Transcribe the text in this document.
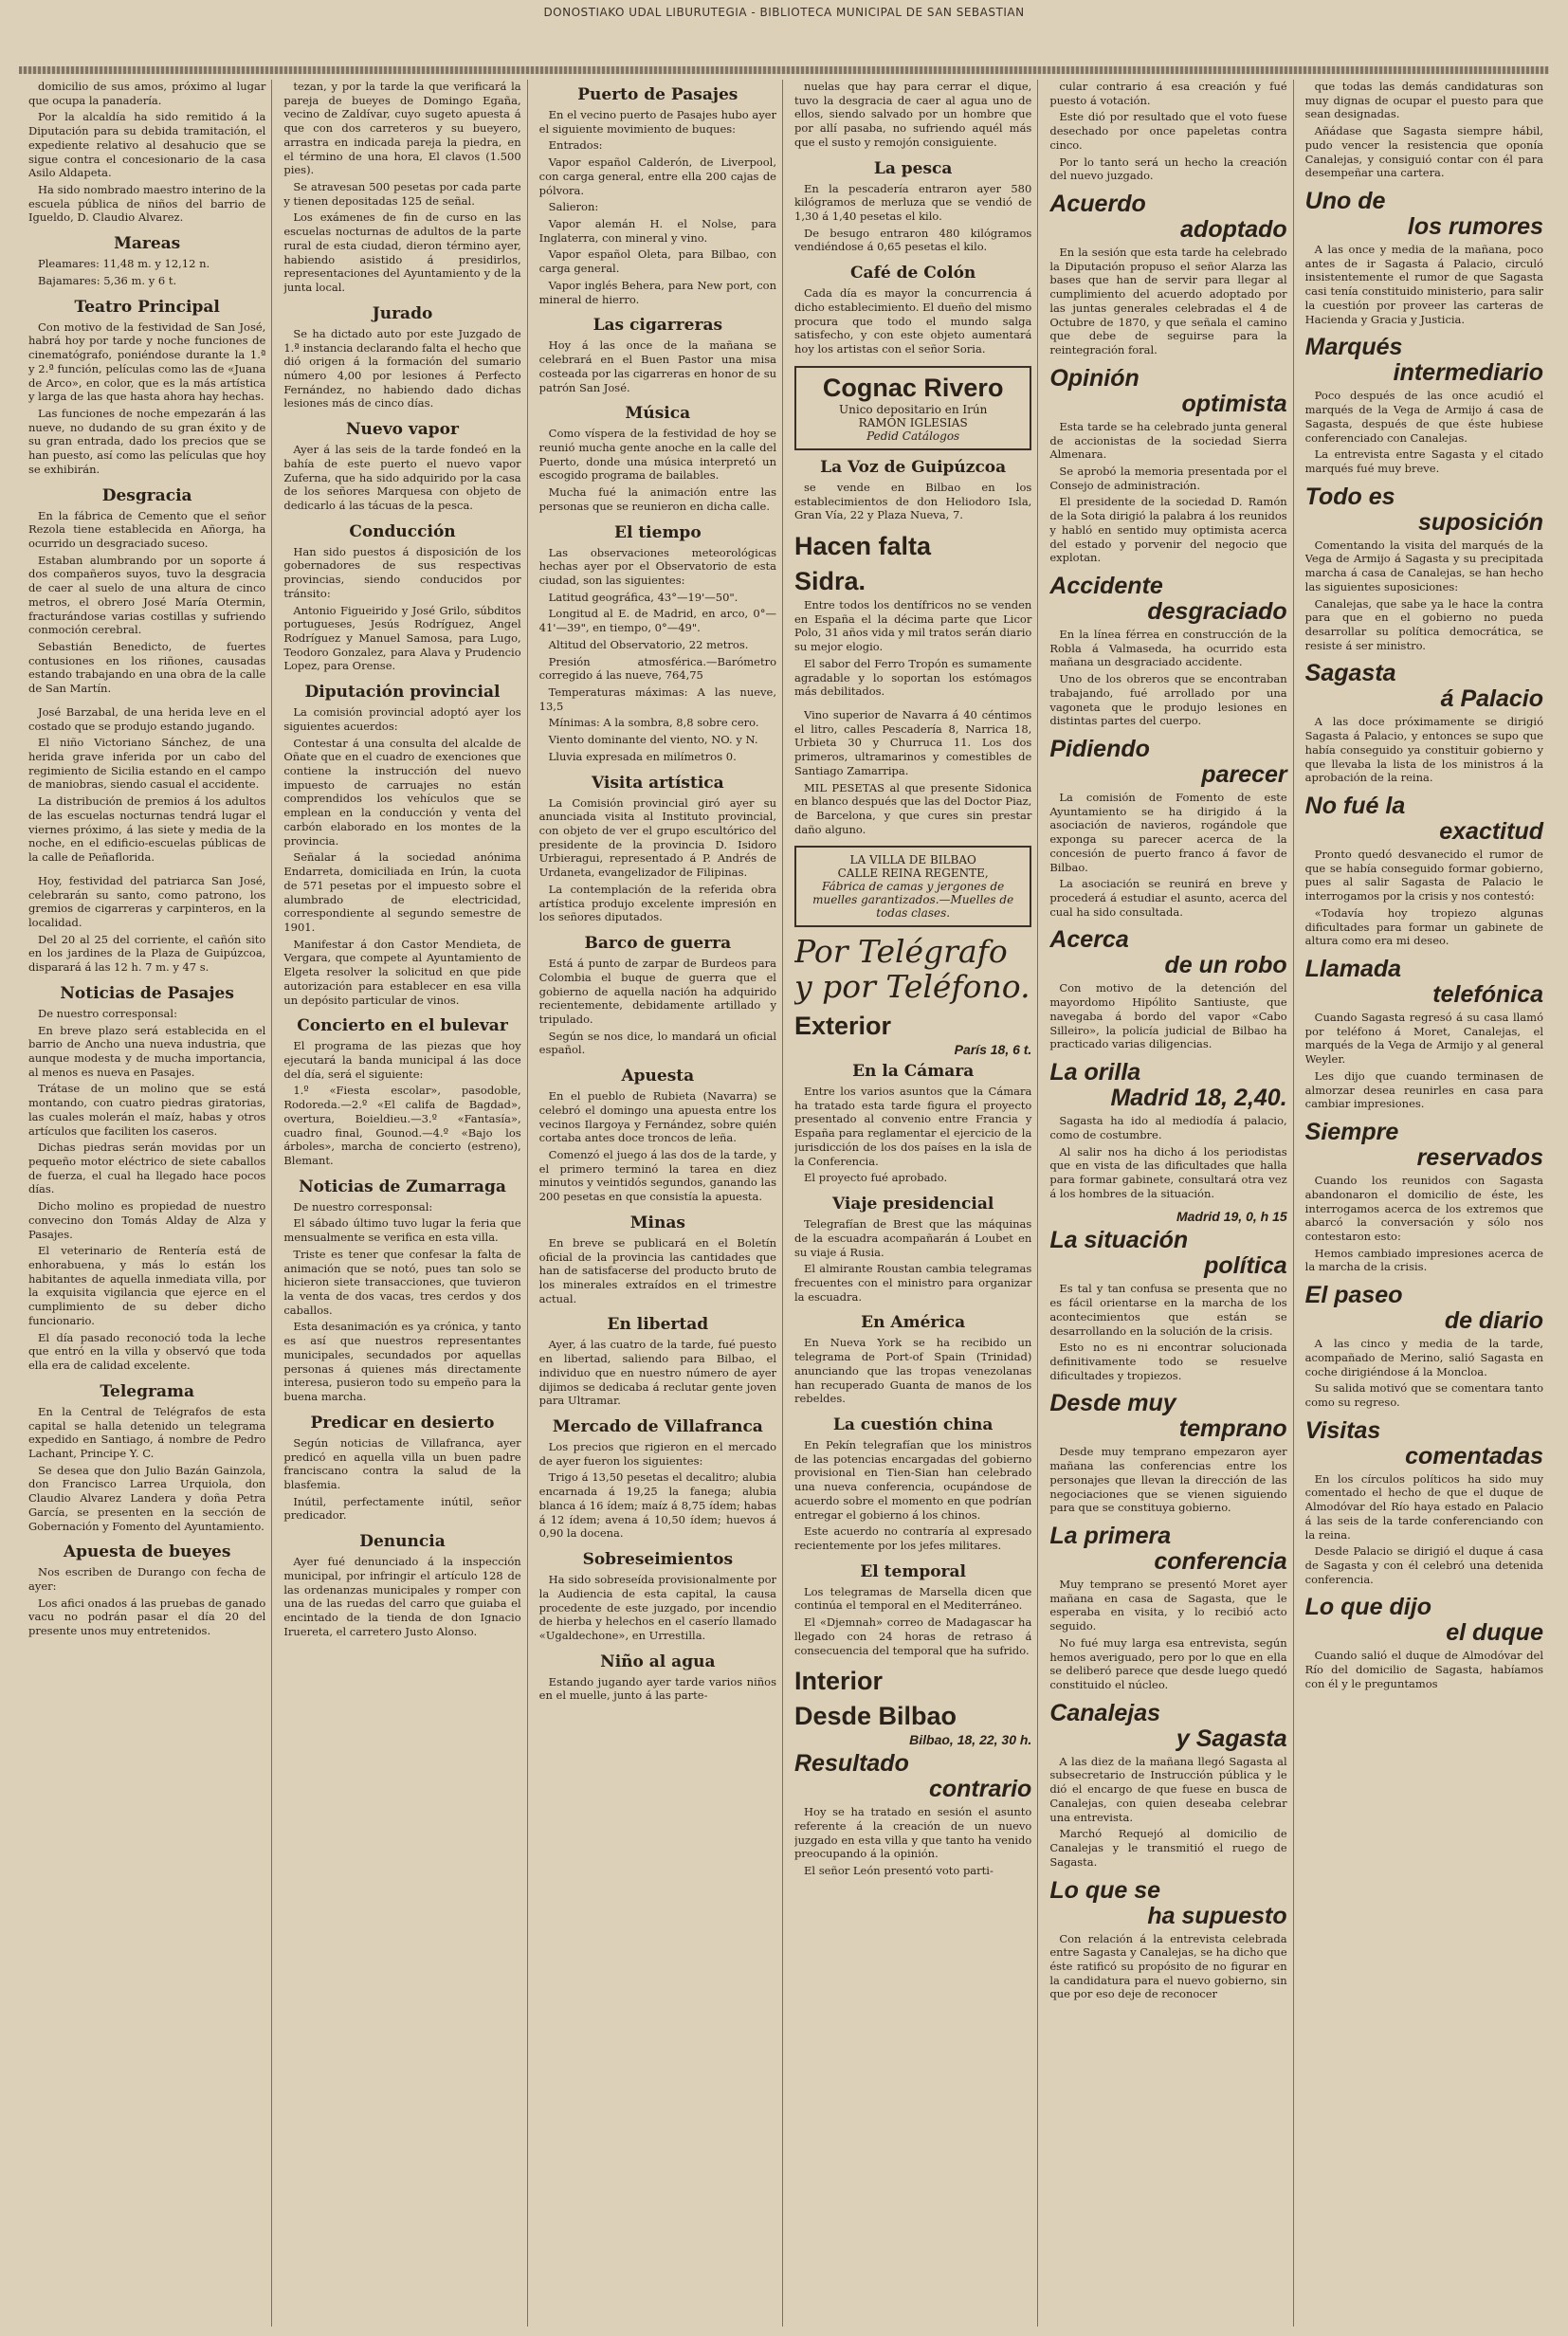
DONOSTIAKO UDAL LIBURUTEGIA - BIBLIOTECA MUNICIPAL DE SAN SEBASTIAN

domicilio de sus amos, próximo al lugar que ocupa la panadería.

Por la alcaldía ha sido remitido á la Diputación para su debida tramitación, el expediente relativo al desahucio que se sigue contra el concesionario de la casa Asilo Aldapeta.

Ha sido nombrado maestro interino de la escuela pública de niños del barrio de Igueldo, D. Claudio Alvarez.

Mareas

Pleamares: 11,48 m. y 12,12 n.

Bajamares: 5,36 m. y 6 t.

Teatro Principal

Con motivo de la festividad de San José, habrá hoy por tarde y noche funciones de cinematógrafo, poniéndose durante la 1.ª y 2.ª función, películas como las de «Juana de Arco», en color, que es la más artística y larga de las que hasta ahora hay hechas.

Las funciones de noche empezarán á las nueve, no dudando de su gran éxito y de su gran entrada, dado los precios que se han puesto, así como las películas que hoy se exhibirán.

Desgracia

En la fábrica de Cemento que el señor Rezola tiene establecida en Añorga, ha ocurrido un desgraciado suceso.

Estaban alumbrando por un soporte á dos compañeros suyos, tuvo la desgracia de caer al suelo de una altura de cinco metros, el obrero José María Otermin, fracturándose varias costillas y sufriendo conmoción cerebral.

Sebastián Benedicto, de fuertes contusiones en los riñones, causadas estando trabajando en una obra de la calle de San Martín.

José Barzabal, de una herida leve en el costado que se produjo estando jugando.

El niño Victoriano Sánchez, de una herida grave inferida por un cabo del regimiento de Sicilia estando en el campo de maniobras, siendo casual el accidente.

La distribución de premios á los adultos de las escuelas nocturnas tendrá lugar el viernes próximo, á las siete y media de la noche, en el edificio-escuelas públicas de la calle de Peñaflorida.

Hoy, festividad del patriarca San José, celebrarán su santo, como patrono, los gremios de cigarreras y carpinteros, en la localidad.

Del 20 al 25 del corriente, el cañón sito en los jardines de la Plaza de Guipúzcoa, disparará á las 12 h. 7 m. y 47 s.

Noticias de Pasajes

De nuestro corresponsal:

En breve plazo será establecida en el barrio de Ancho una nueva industria, que aunque modesta y de mucha importancia, al menos es nueva en Pasajes.

Trátase de un molino que se está montando, con cuatro piedras giratorias, las cuales molerán el maíz, habas y otros artículos que faciliten los caseros.

Dichas piedras serán movidas por un pequeño motor eléctrico de siete caballos de fuerza, el cual ha llegado hace pocos días.

Dicho molino es propiedad de nuestro convecino don Tomás Alday de Alza y Pasajes.

El veterinario de Rentería está de enhorabuena, y más lo están los habitantes de aquella inmediata villa, por la exquisita vigilancia que ejerce en el cumplimiento de su deber dicho funcionario.

El día pasado reconoció toda la leche que entró en la villa y observó que toda ella era de calidad excelente.

Telegrama

En la Central de Telégrafos de esta capital se halla detenido un telegrama expedido en Santiago, á nombre de Pedro Lachant, Principe Y. C.

Se desea que don Julio Bazán Gainzola, don Francisco Larrea Urquiola, don Claudio Alvarez Landera y doña Petra García, se presenten en la sección de Gobernación y Fomento del Ayuntamiento.

Apuesta de bueyes

Nos escriben de Durango con fecha de ayer:

Los afici onados á las pruebas de ganado vacu no podrán pasar el día 20 del presente unos muy entretenidos.

tezan, y por la tarde la que verificará la pareja de bueyes de Domingo Egaña, vecino de Zaldívar, cuyo sugeto apuesta á que con dos carreteros y su bueyero, arrastra en indicada pareja la piedra, en el término de una hora, El clavos (1.500 pies).

Se atravesan 500 pesetas por cada parte y tienen depositadas 125 de señal.

Los exámenes de fin de curso en las escuelas nocturnas de adultos de la parte rural de esta ciudad, dieron término ayer, habiendo asistido á presidirlos, representaciones del Ayuntamiento y de la junta local.

Jurado

Se ha dictado auto por este Juzgado de 1.ª instancia declarando falta el hecho que dió origen á la formación del sumario número 4,00 por lesiones á Perfecto Fernández, no habiendo dado dichas lesiones más de cinco días.

Nuevo vapor

Ayer á las seis de la tarde fondeó en la bahía de este puerto el nuevo vapor Zuferna, que ha sido adquirido por la casa de los señores Marquesa con objeto de dedicarlo á las tácuas de la pesca.

Conducción

Han sido puestos á disposición de los gobernadores de sus respectivas provincias, siendo conducidos por tránsito:

Antonio Figueirido y José Grilo, súbditos portugueses, Jesús Rodríguez, Angel Rodríguez y Manuel Samosa, para Lugo, Teodoro Gonzalez, para Alava y Prudencio Lopez, para Orense.

Diputación provincial

La comisión provincial adoptó ayer los siguientes acuerdos:

Contestar á una consulta del alcalde de Oñate que en el cuadro de exenciones que contiene la instrucción del nuevo impuesto de carruajes no están comprendidos los vehículos que se emplean en la conducción y venta del carbón elaborado en los montes de la provincia.

Señalar á la sociedad anónima Endarreta, domiciliada en Irún, la cuota de 571 pesetas por el impuesto sobre el alumbrado de electricidad, correspondiente al segundo semestre de 1901.

Manifestar á don Castor Mendieta, de Vergara, que compete al Ayuntamiento de Elgeta resolver la solicitud en que pide autorización para establecer en esa villa un depósito particular de vinos.

Concierto en el bulevar

El programa de las piezas que hoy ejecutará la banda municipal á las doce del día, será el siguiente:

1.º «Fiesta escolar», pasodoble, Rodoreda.—2.º «El califa de Bagdad», overtura, Boieldieu.—3.º «Fantasía», cuadro final, Gounod.—4.º «Bajo los árboles», marcha de concierto (estreno), Blemant.

Noticias de Zumarraga

De nuestro corresponsal:

El sábado último tuvo lugar la feria que mensualmente se verifica en esta villa.

Triste es tener que confesar la falta de animación que se notó, pues tan solo se hicieron siete transacciones, que tuvieron la venta de dos vacas, tres cerdos y dos caballos.

Esta desanimación es ya crónica, y tanto es así que nuestros representantes municipales, secundados por aquellas personas á quienes más directamente interesa, pusieron todo su empeño para la buena marcha.

Predicar en desierto

Según noticias de Villafranca, ayer predicó en aquella villa un buen padre franciscano contra la salud de la blasfemia.

Inútil, perfectamente inútil, señor predicador.

Denuncia

Ayer fué denunciado á la inspección municipal, por infringir el artículo 128 de las ordenanzas municipales y romper con una de las ruedas del carro que guiaba el encintado de la tienda de don Ignacio Iruereta, el carretero Justo Alonso.

Puerto de Pasajes

En el vecino puerto de Pasajes hubo ayer el siguiente movimiento de buques:

Entrados:

Vapor español Calderón, de Liverpool, con carga general, entre ella 200 cajas de pólvora.

Salieron:

Vapor alemán H. el Nolse, para Inglaterra, con mineral y vino.

Vapor español Oleta, para Bilbao, con carga general.

Vapor inglés Behera, para New port, con mineral de hierro.

Las cigarreras

Hoy á las once de la mañana se celebrará en el Buen Pastor una misa costeada por las cigarreras en honor de su patrón San José.

Música

Como víspera de la festividad de hoy se reunió mucha gente anoche en la calle del Puerto, donde una música interpretó un escogido programa de bailables.

Mucha fué la animación entre las personas que se reunieron en dicha calle.

El tiempo

Las observaciones meteorológicas hechas ayer por el Observatorio de esta ciudad, son las siguientes:

Latitud geográfica, 43°—19'—50".

Longitud al E. de Madrid, en arco, 0°—41'—39", en tiempo, 0°—49".

Altitud del Observatorio, 22 metros.

Presión atmosférica.—Barómetro corregido á las nueve, 764,75

Temperaturas máximas: A las nueve, 13,5

Mínimas: A la sombra, 8,8 sobre cero.

Viento dominante del viento, NO. y N.

Lluvia expresada en milímetros 0.

Visita artística

La Comisión provincial giró ayer su anunciada visita al Instituto provincial, con objeto de ver el grupo escultórico del presidente de la provincia D. Isidoro Urbieragui, representado á P. Andrés de Urdaneta, evangelizador de Filipinas.

La contemplación de la referida obra artística produjo excelente impresión en los señores diputados.

Barco de guerra

Está á punto de zarpar de Burdeos para Colombia el buque de guerra que el gobierno de aquella nación ha adquirido recientemente, debidamente artillado y tripulado.

Según se nos dice, lo mandará un oficial español.

Apuesta

En el pueblo de Rubieta (Navarra) se celebró el domingo una apuesta entre los vecinos Ilargoya y Fernández, sobre quién cortaba antes doce troncos de leña.

Comenzó el juego á las dos de la tarde, y el primero terminó la tarea en diez minutos y veintidós segundos, ganando las 200 pesetas en que consistía la apuesta.

Minas

En breve se publicará en el Boletín oficial de la provincia las cantidades que han de satisfacerse del producto bruto de los minerales extraídos en el trimestre actual.

En libertad

Ayer, á las cuatro de la tarde, fué puesto en libertad, saliendo para Bilbao, el individuo que en nuestro número de ayer dijimos se dedicaba á reclutar gente joven para Ultramar.

Mercado de Villafranca

Los precios que rigieron en el mercado de ayer fueron los siguientes:

Trigo á 13,50 pesetas el decalitro; alubia encarnada á 19,25 la fanega; alubia blanca á 16 ídem; maíz á 8,75 ídem; habas á 12 ídem; avena á 10,50 ídem; huevos á 0,90 la docena.

Sobreseimientos

Ha sido sobreseída provisionalmente por la Audiencia de esta capital, la causa procedente de este juzgado, por incendio de hierba y helechos en el caserío llamado «Ugaldechone», en Urrestilla.

Niño al agua

Estando jugando ayer tarde varios niños en el muelle, junto á las parte-

nuelas que hay para cerrar el dique, tuvo la desgracia de caer al agua uno de ellos, siendo salvado por un hombre que por allí pasaba, no sufriendo aquél más que el susto y remojón consiguiente.

La pesca

En la pescadería entraron ayer 580 kilógramos de merluza que se vendió de 1,30 á 1,40 pesetas el kilo.

De besugo entraron 480 kilógramos vendiéndose á 0,65 pesetas el kilo.

Café de Colón

Cada día es mayor la concurrencia á dicho establecimiento. El dueño del mismo procura que todo el mundo salga satisfecho, y con este objeto aumentará hoy los artistas con el señor Soria.

Cognac Rivero
Unico depositario en Irún
RAMÓN IGLESIAS
Pedid Catálogos
La Voz de Guipúzcoa

se vende en Bilbao en los establecimientos de don Heliodoro Isla, Gran Vía, 22 y Plaza Nueva, 7.

Hacen falta
Sidra.

Entre todos los dentífricos no se venden en España el la décima parte que Licor Polo, 31 años vida y mil tratos serán diario su mejor elogio.

El sabor del Ferro Tropón es sumamente agradable y lo soportan los estómagos más debilitados.

Vino superior de Navarra á 40 céntimos el litro, calles Pescadería 8, Narrica 18, Urbieta 30 y Churruca 11. Los dos primeros, ultramarinos y comestibles de Santiago Zamarripa.

MIL PESETAS al que presente Sidonica en blanco después que las del Doctor Piaz, de Barcelona, y que cures sin prestar daño alguno.

LA VILLA DE BILBAO
CALLE REINA REGENTE,
Fábrica de camas y jergones de muelles garantizados.—Muelles de todas clases.
Por Telégrafo y por Teléfono.
Exterior
París 18, 6 t.
En la Cámara

Entre los varios asuntos que la Cámara ha tratado esta tarde figura el proyecto presentado al convenio entre Francia y España para reglamentar el ejercicio de la jurisdicción de los dos países en la isla de la Conferencia.

El proyecto fué aprobado.

Viaje presidencial

Telegrafían de Brest que las máquinas de la escuadra acompañarán á Loubet en su viaje á Rusia.

El almirante Roustan cambia telegramas frecuentes con el ministro para organizar la escuadra.

En América

En Nueva York se ha recibido un telegrama de Port-of Spain (Trinidad) anunciando que las tropas venezolanas han recuperado Guanta de manos de los rebeldes.

La cuestión china

En Pekín telegrafían que los ministros de las potencias encargadas del gobierno provisional en Tien-Sian han celebrado una nueva conferencia, ocupándose de acuerdo sobre el momento en que podrían entregar el gobierno á los chinos.

Este acuerdo no contraría al expresado recientemente por los jefes militares.

El temporal

Los telegramas de Marsella dicen que continúa el temporal en el Mediterráneo.

El «Djemnah» correo de Madagascar ha llegado con 24 horas de retraso á consecuencia del temporal que ha sufrido.

Interior
Desde Bilbao
Bilbao, 18, 22, 30 h.
Resultado
contrario

Hoy se ha tratado en sesión el asunto referente á la creación de un nuevo juzgado en esta villa y que tanto ha venido preocupando á la opinión.

El señor León presentó voto parti-

cular contrario á esa creación y fué puesto á votación.

Este dió por resultado que el voto fuese desechado por once papeletas contra cinco.

Por lo tanto será un hecho la creación del nuevo juzgado.

Acuerdo
adoptado

En la sesión que esta tarde ha celebrado la Diputación propuso el señor Alarza las bases que han de servir para llegar al cumplimiento del acuerdo adoptado por las juntas generales celebradas el 4 de Octubre de 1870, y que señala el camino que debe de seguirse para la reintegración foral.

Opinión
optimista

Esta tarde se ha celebrado junta general de accionistas de la sociedad Sierra Almenara.

Se aprobó la memoria presentada por el Consejo de administración.

El presidente de la sociedad D. Ramón de la Sota dirigió la palabra á los reunidos y habló en sentido muy optimista acerca del estado y porvenir del negocio que explotan.

Accidente
desgraciado

En la línea férrea en construcción de la Robla á Valmaseda, ha ocurrido esta mañana un desgraciado accidente.

Uno de los obreros que se encontraban trabajando, fué arrollado por una vagoneta que le produjo lesiones en distintas partes del cuerpo.

Pidiendo
parecer

La comisión de Fomento de este Ayuntamiento se ha dirigido á la asociación de navieros, rogándole que exponga su parecer acerca de la concesión de puerto franco á favor de Bilbao.

La asociación se reunirá en breve y procederá á estudiar el asunto, acerca del cual ha sido consultada.

Acerca
de un robo

Con motivo de la detención del mayordomo Hipólito Santiuste, que navegaba á bordo del vapor «Cabo Silleiro», la policía judicial de Bilbao ha practicado varias diligencias.

La orilla
Madrid 18, 2,40.

Sagasta ha ido al mediodía á palacio, como de costumbre.

Al salir nos ha dicho á los periodistas que en vista de las dificultades que halla para formar gabinete, consultará otra vez á los hombres de la situación.

Madrid 19, 0, h 15
La situación
política

Es tal y tan confusa se presenta que no es fácil orientarse en la marcha de los acontecimientos que están se desarrollando en la solución de la crisis.

Esto no es ni encontrar solucionada definitivamente todo se resuelve dificultades y tropiezos.

Desde muy
temprano

Desde muy temprano empezaron ayer mañana las conferencias entre los personajes que llevan la dirección de las negociaciones que se vienen siguiendo para que se constituya gobierno.

La primera
conferencia

Muy temprano se presentó Moret ayer mañana en casa de Sagasta, que le esperaba en visita, y lo recibió acto seguido.

No fué muy larga esa entrevista, según hemos averiguado, pero por lo que en ella se deliberó parece que desde luego quedó constituido el núcleo.

Canalejas
y Sagasta

A las diez de la mañana llegó Sagasta al subsecretario de Instrucción pública y le dió el encargo de que fuese en busca de Canalejas, con quien deseaba celebrar una entrevista.

Marchó Requejó al domicilio de Canalejas y le transmitió el ruego de Sagasta.

Lo que se
ha supuesto

Con relación á la entrevista celebrada entre Sagasta y Canalejas, se ha dicho que éste ratificó su propósito de no figurar en la candidatura para el nuevo gobierno, sin que por eso deje de reconocer

que todas las demás candidaturas son muy dignas de ocupar el puesto para que sean designadas.

Añádase que Sagasta siempre hábil, pudo vencer la resistencia que oponía Canalejas, y consiguió contar con él para desempeñar una cartera.

Uno de
los rumores

A las once y media de la mañana, poco antes de ir Sagasta á Palacio, circuló insistentemente el rumor de que Sagasta casi tenía constituido ministerio, para salir la cuestión por proveer las carteras de Hacienda y Gracia y Justicia.

Marqués
intermediario

Poco después de las once acudió el marqués de la Vega de Armijo á casa de Sagasta, después de que éste hubiese conferenciado con Canalejas.

La entrevista entre Sagasta y el citado marqués fué muy breve.

Todo es
suposición

Comentando la visita del marqués de la Vega de Armijo á Sagasta y su precipitada marcha á casa de Canalejas, se han hecho las siguientes suposiciones:

Canalejas, que sabe ya le hace la contra para que en el gobierno no pueda desarrollar su política democrática, se resiste á ser ministro.

Sagasta
á Palacio

A las doce próximamente se dirigió Sagasta á Palacio, y entonces se supo que había conseguido ya constituir gobierno y que llevaba la lista de los ministros á la aprobación de la reina.

No fué la
exactitud

Pronto quedó desvanecido el rumor de que se había conseguido formar gobierno, pues al salir Sagasta de Palacio le interrogamos por la crisis y nos contestó:

«Todavía hoy tropiezo algunas dificultades para formar un gabinete de altura como era mi deseo.

Llamada
telefónica

Cuando Sagasta regresó á su casa llamó por teléfono á Moret, Canalejas, el marqués de la Vega de Armijo y al general Weyler.

Les dijo que cuando terminasen de almorzar desea reunirles en casa para cambiar impresiones.

Siempre
reservados

Cuando los reunidos con Sagasta abandonaron el domicilio de éste, les interrogamos acerca de los extremos que abarcó la conversación y sólo nos contestaron esto:

Hemos cambiado impresiones acerca de la marcha de la crisis.

El paseo
de diario

A las cinco y media de la tarde, acompañado de Merino, salió Sagasta en coche dirigiéndose á la Moncloa.

Su salida motivó que se comentara tanto como su regreso.

Visitas
comentadas

En los círculos políticos ha sido muy comentado el hecho de que el duque de Almodóvar del Río haya estado en Palacio á las seis de la tarde conferenciando con la reina.

Desde Palacio se dirigió el duque á casa de Sagasta y con él celebró una detenida conferencia.

Lo que dijo
el duque

Cuando salió el duque de Almodóvar del Río del domicilio de Sagasta, habíamos con él y le preguntamos
